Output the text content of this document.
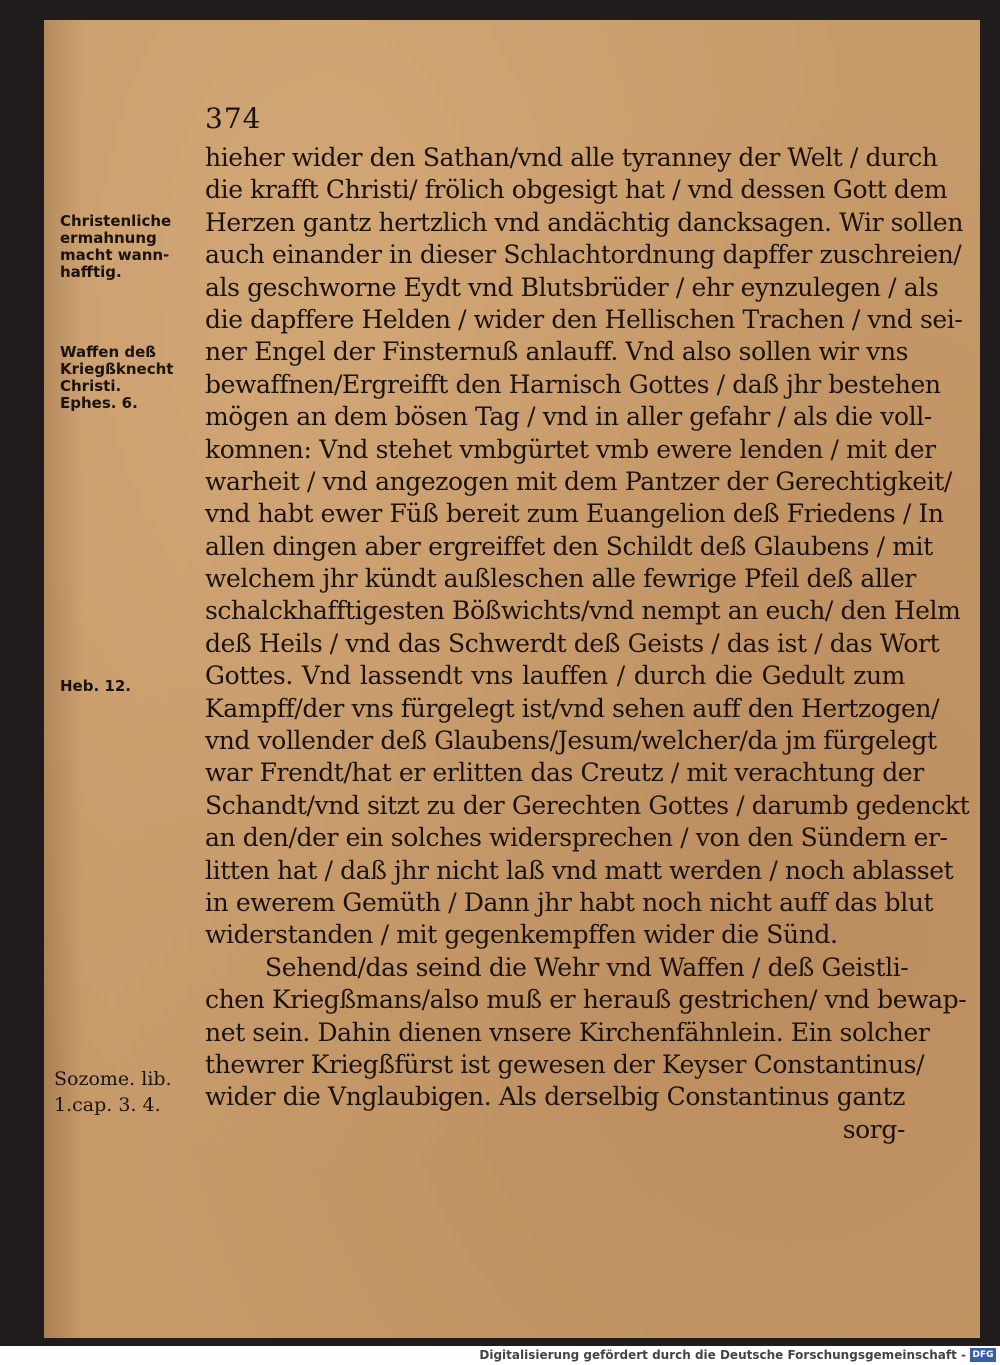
374
Christenliche
ermahnung
macht wann-
hafftig.
Waffen deß
Kriegßknecht
Christi.
Ephes. 6.
Heb. 12.
Sozome. lib.
1.cap. 3. 4.
hieher wider den Sathan/vnd alle tyranney der Welt / durch
die krafft Christi/ frölich obgesigt hat / vnd dessen Gott dem
Herzen gantz hertzlich vnd andächtig dancksagen. Wir sollen
auch einander in dieser Schlachtordnung dapffer zuschreien/
als geschworne Eydt vnd Blutsbrüder / ehr eynzulegen / als
die dapffere Helden / wider den Hellischen Trachen / vnd sei-
ner Engel der Finsternuß anlauff. Vnd also sollen wir vns
bewaffnen/Ergreifft den Harnisch Gottes / daß jhr bestehen
mögen an dem bösen Tag / vnd in aller gefahr / als die voll-
komnen: Vnd stehet vmbgürtet vmb ewere lenden / mit der
warheit / vnd angezogen mit dem Pantzer der Gerechtigkeit/
vnd habt ewer Füß bereit zum Euangelion deß Friedens / In
allen dingen aber ergreiffet den Schildt deß Glaubens / mit
welchem jhr kündt außleschen alle fewrige Pfeil deß aller
schalckhafftigesten Bößwichts/vnd nempt an euch/ den Helm
deß Heils / vnd das Schwerdt deß Geists / das ist / das Wort
Gottes. Vnd lassendt vns lauffen / durch die Gedult zum
Kampff/der vns fürgelegt ist/vnd sehen auff den Hertzogen/
vnd vollender deß Glaubens/Jesum/welcher/da jm fürgelegt
war Frendt/hat er erlitten das Creutz / mit verachtung der
Schandt/vnd sitzt zu der Gerechten Gottes / darumb gedenckt
an den/der ein solches widersprechen / von den Sündern er-
litten hat / daß jhr nicht laß vnd matt werden / noch ablasset
in ewerem Gemüth / Dann jhr habt noch nicht auff das blut
widerstanden / mit gegenkempffen wider die Sünd.
Sehend/das seind die Wehr vnd Waffen / deß Geistli-
chen Kriegßmans/also muß er herauß gestrichen/ vnd bewap-
net sein. Dahin dienen vnsere Kirchenfähnlein. Ein solcher
thewrer Kriegßfürst ist gewesen der Keyser Constantinus/
wider die Vnglaubigen. Als derselbig Constantinus gantz
sorg-
Digitalisierung gefördert durch die Deutsche Forschungsgemeinschaft - DFG
